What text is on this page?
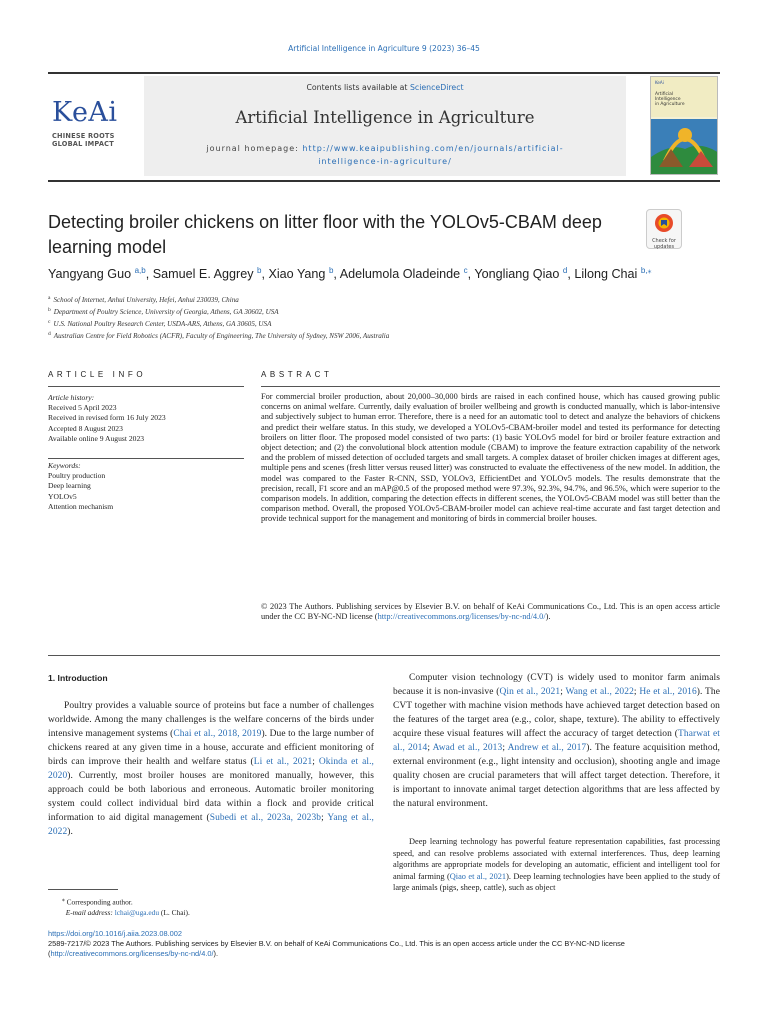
Artificial Intelligence in Agriculture 9 (2023) 36–45
KeAi
CHINESE ROOTS
GLOBAL IMPACT
Contents lists available at ScienceDirect
Artificial Intelligence in Agriculture
journal homepage: http://www.keaipublishing.com/en/journals/artificial-
intelligence-in-agriculture/
KeAi
Artificial
Intelligence
in Agriculture
Detecting broiler chickens on litter floor with the YOLOv5-CBAM deep learning model	Check for
updates
Yangyang Guo $^{a,b}$, Samuel E. Aggrey $^b$, Xiao Yang $^b$, Adelumola Oladeinde $^c$, Yongliang Qiao $^d$, Lilong Chai $^{b,⁎}$
$^a$ School of Internet, Anhui University, Hefei, Anhui 230039, China
$^b$ Department of Poultry Science, University of Georgia, Athens, GA 30602, USA
$^c$ U.S. National Poultry Research Center, USDA-ARS, Athens, GA 30605, USA
$^d$ Australian Centre for Field Robotics (ACFR), Faculty of Engineering, The University of Sydney, NSW 2006, Australia
ARTICLE INFO	ABSTRACT
Article history:
Received 5 April 2023
Received in revised form 16 July 2023
Accepted 8 August 2023
Available online 9 August 2023
Keywords:
Poultry production
Deep learning
YOLOv5
Attention mechanism
For commercial broiler production, about 20,000–30,000 birds are raised in each confined house, which has caused growing public concerns on animal welfare. Currently, daily evaluation of broiler wellbeing and growth is conducted manually, which is labor-intensive and subjectively subject to human error. Therefore, there is a need for an automatic tool to detect and analyze the behaviors of chickens and predict their welfare status. In this study, we developed a YOLOv5-CBAM-broiler model and tested its performance for detecting broilers on litter floor. The proposed model consisted of two parts: (1) basic YOLOv5 model for bird or broiler feature extraction and object detection; and (2) the convolutional block attention module (CBAM) to improve the feature extraction capability of the network and the problem of missed detection of occluded targets and small targets. A complex dataset of broiler chicken images at different ages, multiple pens and scenes (fresh litter versus reused litter) was constructed to evaluate the effectiveness of the new model. In addition, the model was compared to the Faster R-CNN, SSD, YOLOv3, EfficientDet and YOLOv5 models. The results demonstrate that the precision, recall, F1 score and an mAP@0.5 of the proposed method were 97.3%, 92.3%, 94.7%, and 96.5%, which were superior to the comparison models. In addition, comparing the detection effects in different scenes, the YOLOv5-CBAM model was still better than the comparison method. Overall, the proposed YOLOv5-CBAM-broiler model can achieve real-time accurate and fast target detection and provide technical support for the management and monitoring of birds in commercial broiler houses.
© 2023 The Authors. Publishing services by Elsevier B.V. on behalf of KeAi Communications Co., Ltd. This is an open access article under the CC BY-NC-ND license (http://creativecommons.org/licenses/by-nc-nd/4.0/).
1. Introduction
Poultry provides a valuable source of proteins but face a number of challenges worldwide. Among the many challenges is the welfare concerns of the birds under intensive management systems (Chai et al., 2018, 2019). Due to the large number of chickens reared at any given time in a house, accurate and efficient monitoring of birds can improve their health and welfare status (Li et al., 2021; Okinda et al., 2020). Currently, most broiler houses are monitored manually, however, this approach could be both laborious and erroneous. Automatic broiler monitoring system could collect individual bird data within a flock and provide critical information to aid digital management (Subedi et al., 2023a, 2023b; Yang et al., 2022).
Computer vision technology (CVT) is widely used to monitor farm animals because it is non-invasive (Qin et al., 2021; Wang et al., 2022; He et al., 2016). The CVT together with machine vision methods have achieved target detection based on the features of the target area (e.g., color, shape, texture). The ability to effectively acquire these visual features will affect the accuracy of target detection (Tharwat et al., 2014; Awad et al., 2013; Andrew et al., 2017). The feature acquisition method, external environment (e.g., light intensity and occlusion), shooting angle and image quality chosen are crucial parameters that will affect target detection. Therefore, it is important to innovate animal target detection algorithms that are less affected by the natural environment.
Deep learning technology has powerful feature representation capabilities, fast processing speed, and can resolve problems associated with external interferences. Thus, deep learning algorithms are appropriate models for developing an automatic, efficient and intelligent tool for animal farming (Qiao et al., 2021). Deep learning technologies have been applied to the study of large animals (pigs, sheep, cattle), such as object
⁎ Corresponding author.
E-mail address: lchai@uga.edu (L. Chai).
https://doi.org/10.1016/j.aiia.2023.08.002
2589-7217/© 2023 The Authors. Publishing services by Elsevier B.V. on behalf of KeAi Communications Co., Ltd. This is an open access article under the CC BY-NC-ND license (http://creativecommons.org/licenses/by-nc-nd/4.0/).
